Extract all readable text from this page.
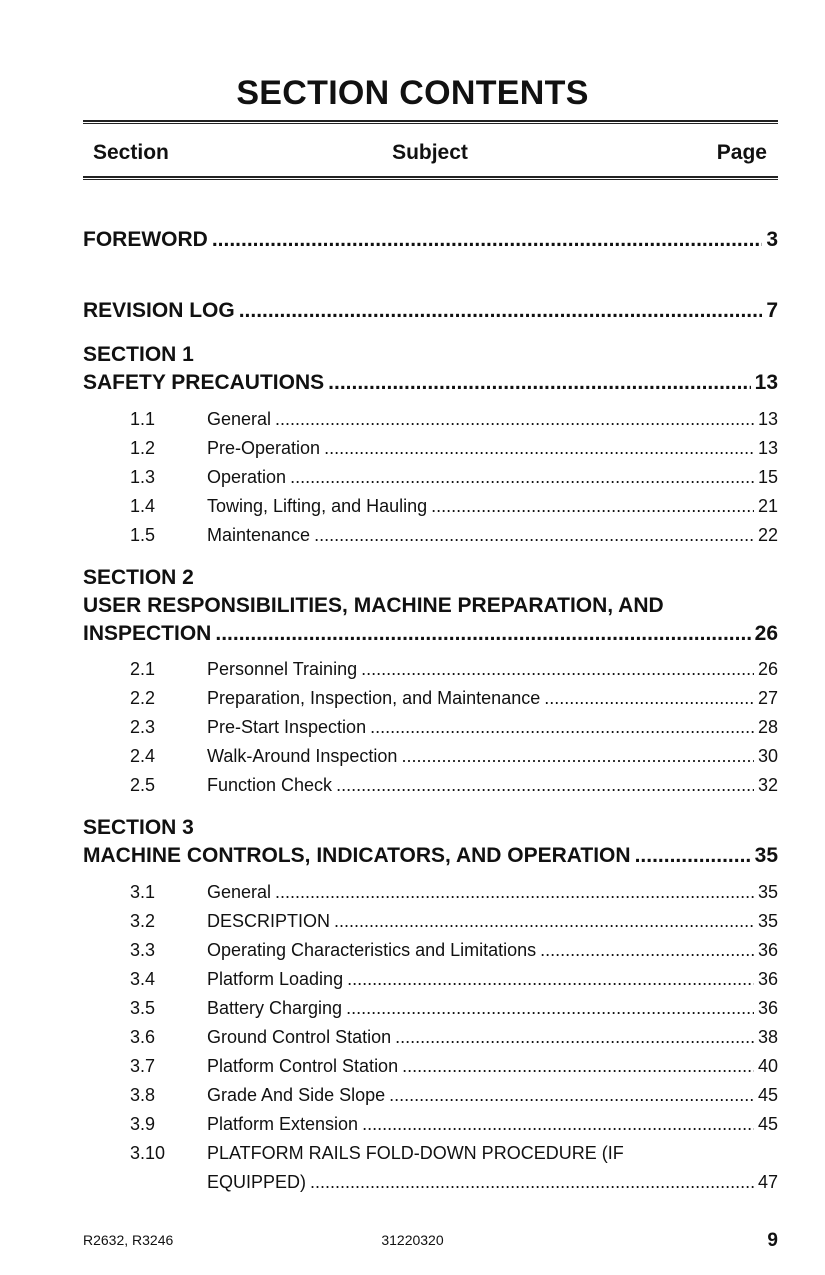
SECTION CONTENTS
Section	Subject	Page
FOREWORD .....	3
REVISION LOG .....	7
SECTION 1
SAFETY PRECAUTIONS .....	13
1.1	General .....	13
1.2	Pre-Operation .....	13
1.3	Operation .....	15
1.4	Towing, Lifting, and Hauling .....	21
1.5	Maintenance .....	22
SECTION 2
USER RESPONSIBILITIES, MACHINE PREPARATION, AND
INSPECTION .....	26
2.1	Personnel Training .....	26
2.2	Preparation, Inspection, and Maintenance .....	27
2.3	Pre-Start Inspection .....	28
2.4	Walk-Around Inspection .....	30
2.5	Function Check .....	32
SECTION 3
MACHINE CONTROLS, INDICATORS, AND OPERATION .....	35
3.1	General .....	35
3.2	DESCRIPTION .....	35
3.3	Operating Characteristics and Limitations .....	36
3.4	Platform Loading .....	36
3.5	Battery Charging .....	36
3.6	Ground Control Station .....	38
3.7	Platform Control Station .....	40
3.8	Grade And Side Slope .....	45
3.9	Platform Extension .....	45
3.10 PLATFORM RAILS FOLD-DOWN PROCEDURE (IF
EQUIPPED) .....	47
R2632, R3246	31220320	9
